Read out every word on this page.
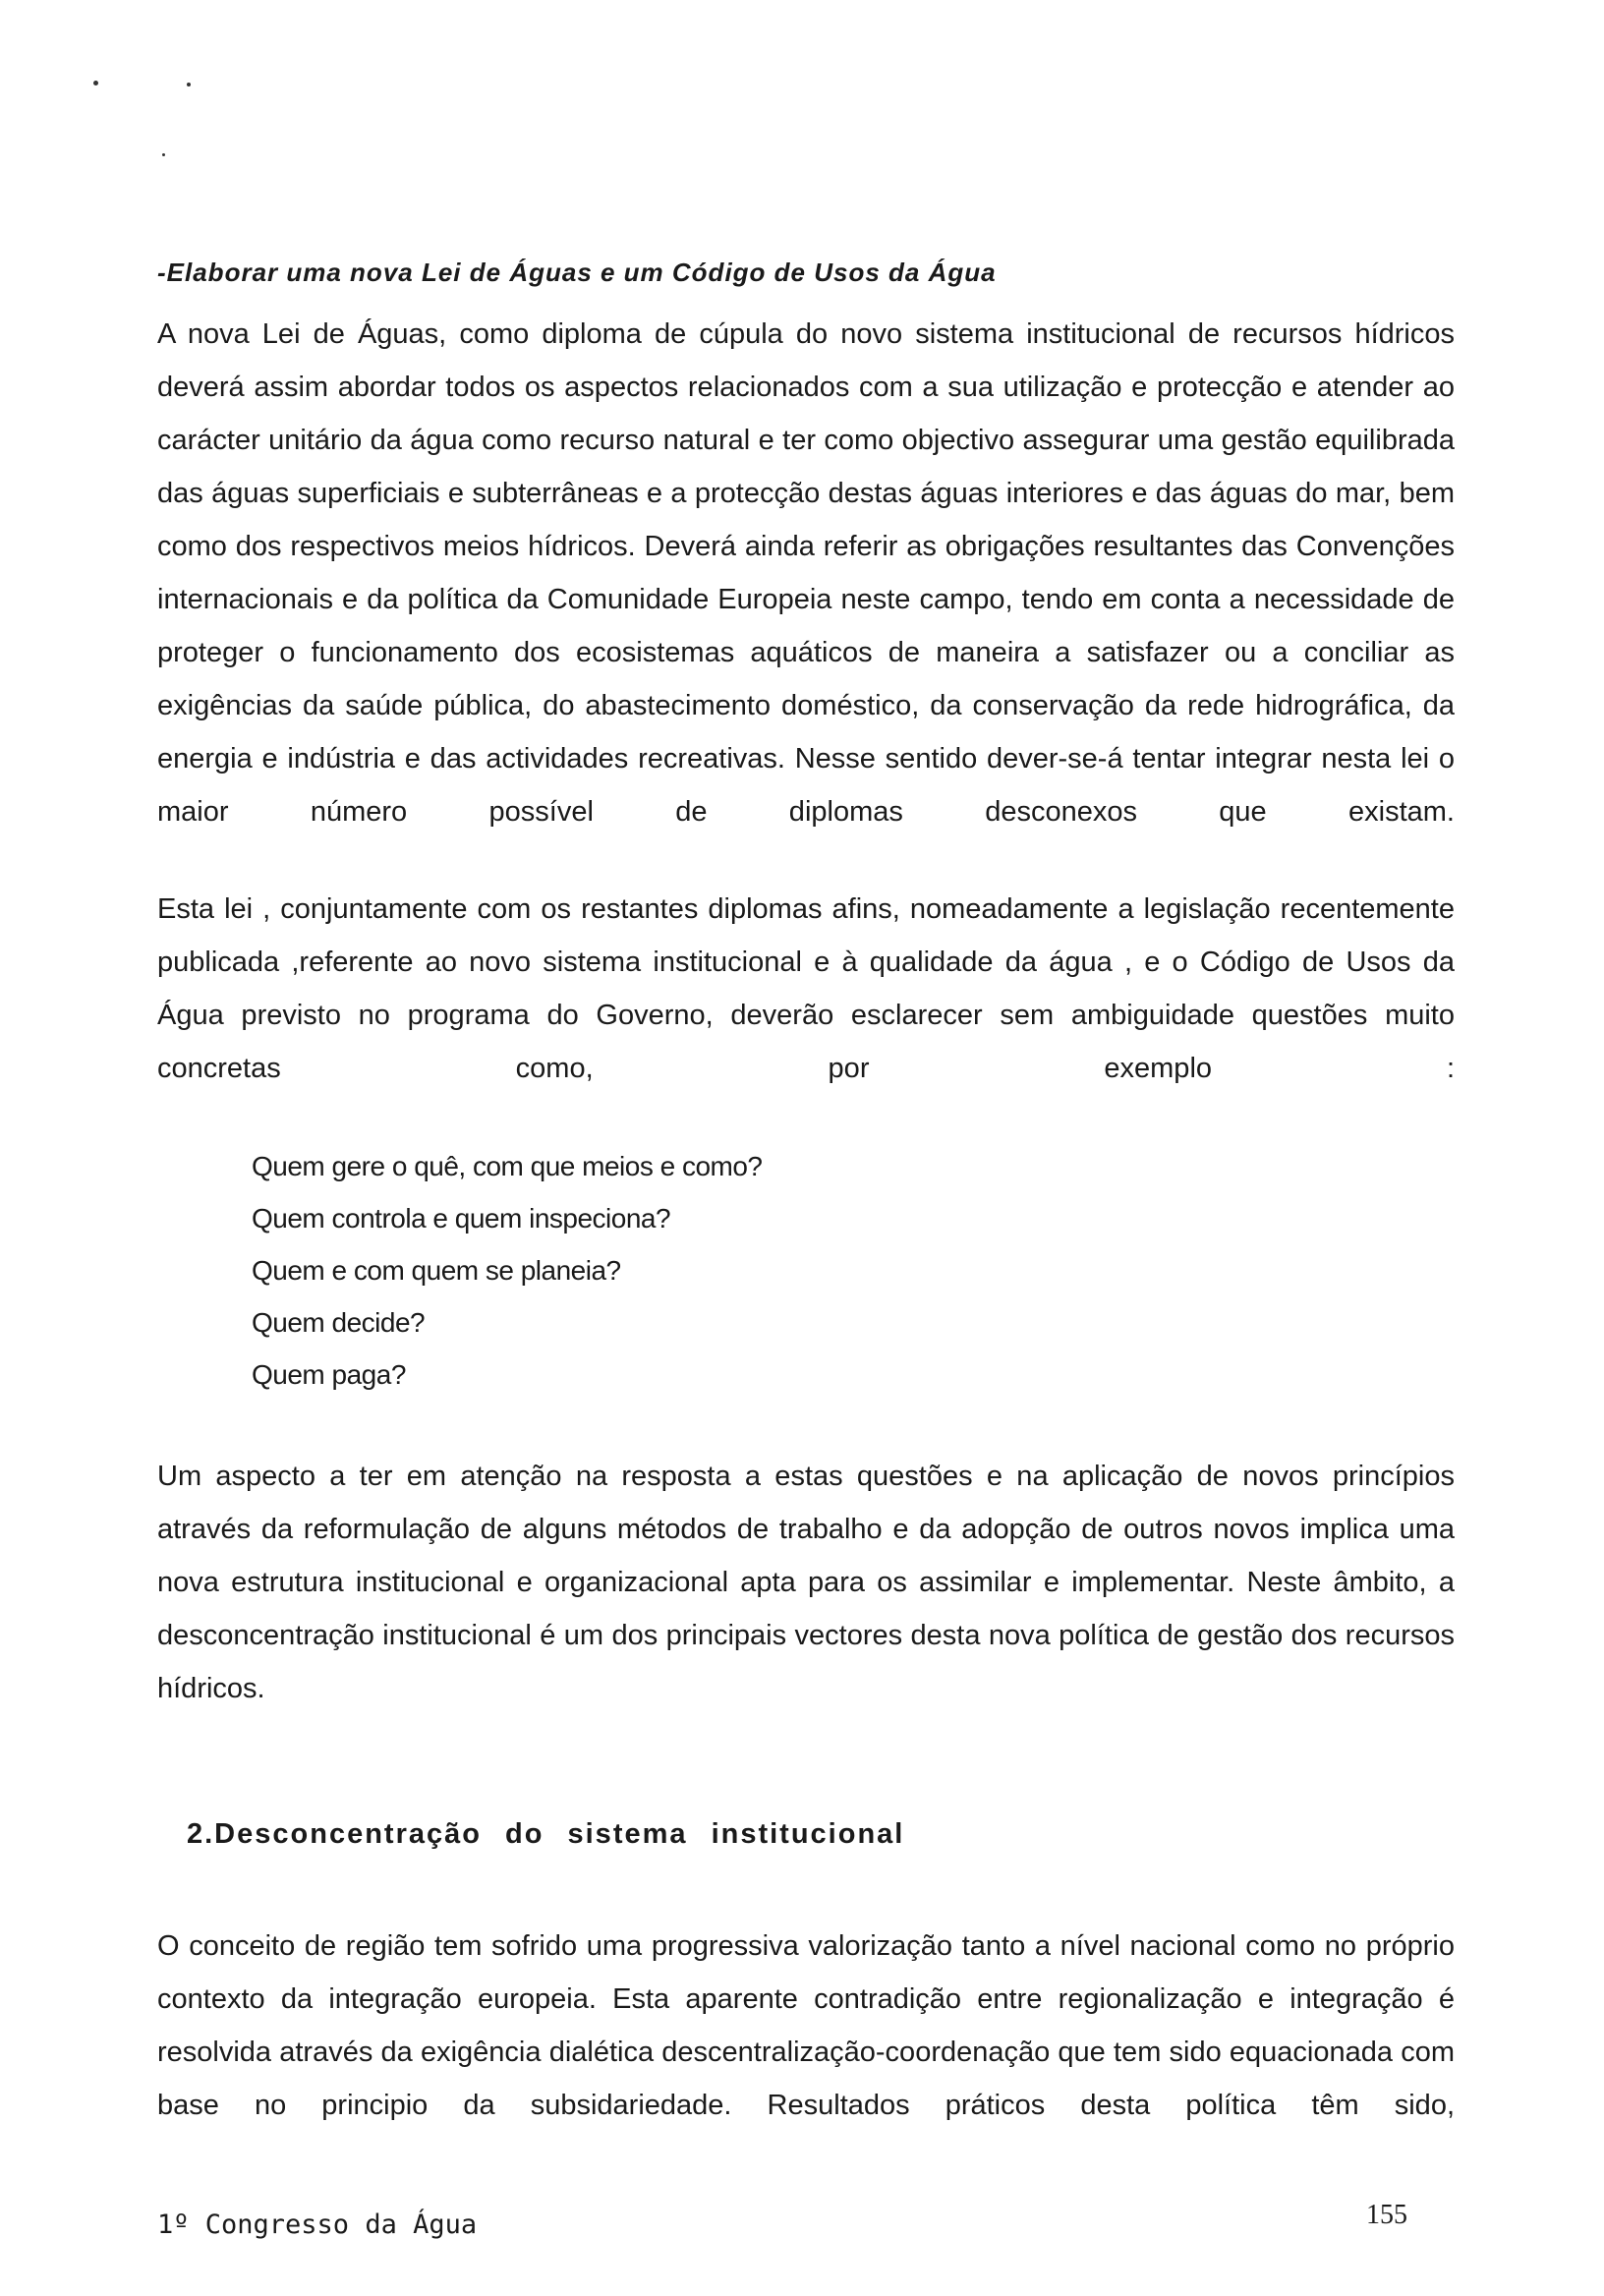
-Elaborar uma nova Lei de Águas e um Código de Usos da Água

A nova Lei de Águas, como diploma de cúpula do novo sistema institucional de recursos hídricos deverá assim abordar todos os aspectos relacionados com a sua utilização e protecção e atender ao carácter unitário da água como recurso natural e ter como objectivo assegurar uma gestão equilibrada das águas superficiais e subterrâneas e a protecção destas águas interiores e das águas do mar, bem como dos respectivos meios hídricos. Deverá ainda referir as obrigações resultantes das Convenções internacionais e da política da Comunidade Europeia neste campo, tendo em conta a necessidade de proteger o funcionamento dos ecosistemas aquáticos de maneira a satisfazer ou a conciliar as exigências da saúde pública, do abastecimento doméstico, da conservação da rede hidrográfica, da energia e indústria e das actividades recreativas. Nesse sentido dever-se-á tentar integrar nesta lei o maior número possível de diplomas desconexos que existam.

Esta lei , conjuntamente com os restantes diplomas afins, nomeadamente a legislação recentemente publicada ,referente ao novo sistema institucional e à qualidade da água , e o Código de Usos da Água previsto no programa do Governo, deverão esclarecer sem ambiguidade questões muito concretas como, por exemplo :

Quem gere o quê, com que meios e como?
Quem controla e quem inspeciona?
Quem e com quem se planeia?
Quem decide?
Quem paga?

Um aspecto a ter em atenção na resposta a estas questões e na aplicação de novos princípios através da reformulação de alguns métodos de trabalho e da adopção de outros novos implica uma nova estrutura institucional e organizacional apta para os assimilar e implementar. Neste âmbito, a desconcentração institucional é um dos principais vectores desta nova política de gestão dos recursos hídricos.

2.Desconcentração do sistema institucional

O conceito de região tem sofrido uma progressiva valorização tanto a nível nacional como no próprio contexto da integração europeia. Esta aparente contradição entre regionalização e integração é resolvida através da exigência dialética descentralização-coordenação que tem sido equacionada com base no principio da subsidariedade. Resultados práticos desta política têm sido,

1º Congresso da Água	155
